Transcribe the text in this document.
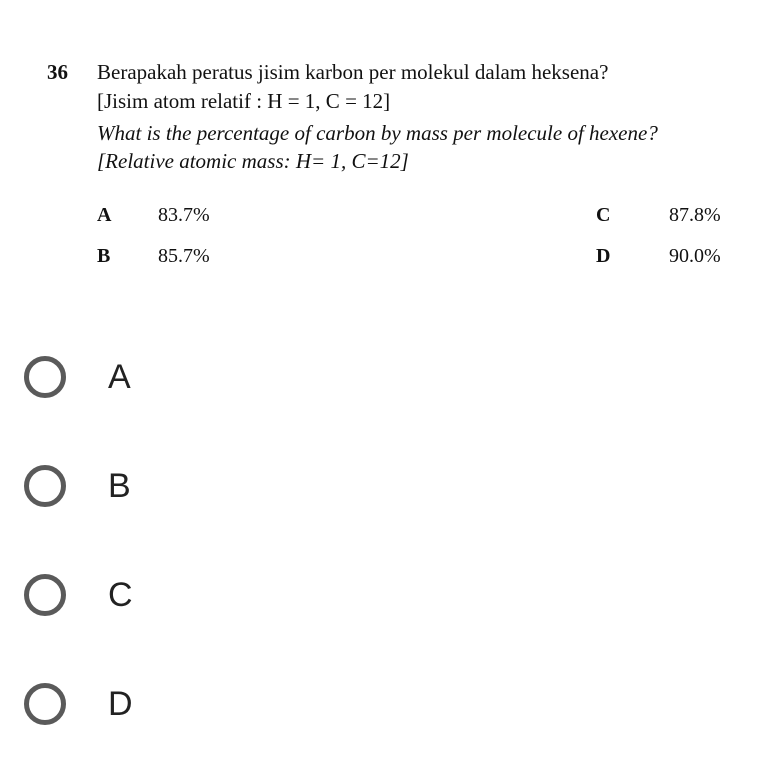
36 Berapakah peratus jisim karbon per molekul dalam heksena?
[Jisim atom relatif : H = 1, C = 12]
What is the percentage of carbon by mass per molecule of hexene?
[Relative atomic mass: H= 1, C=12]
A 83.7%
B 85.7%
C	87.8%
D	90.0%
A
B
C
D
